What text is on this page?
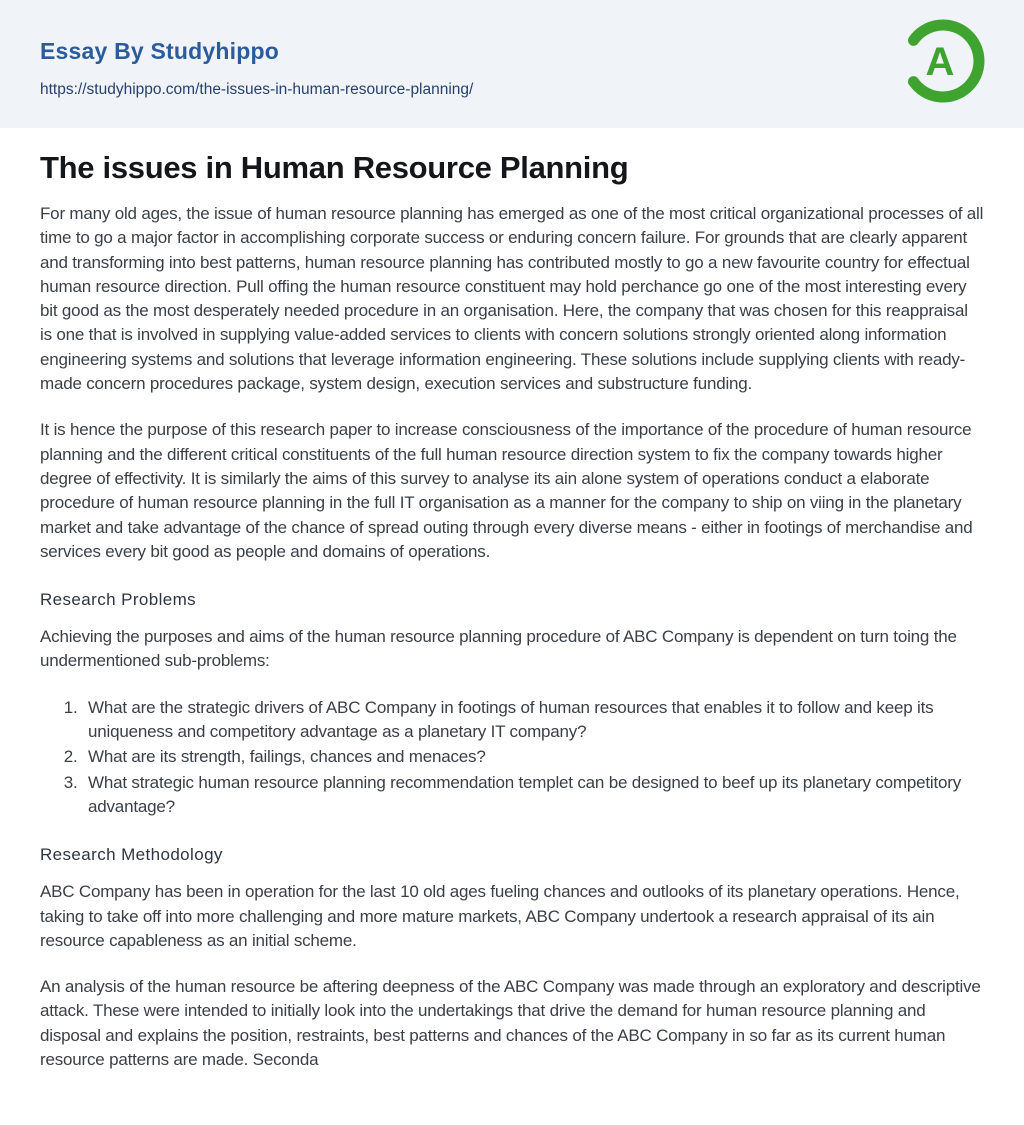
Essay By Studyhippo
https://studyhippo.com/the-issues-in-human-resource-planning/
A
The issues in Human Resource Planning

For many old ages, the issue of human resource planning has emerged as one of the most critical organizational processes of all time to go a major factor in accomplishing corporate success or enduring concern failure. For grounds that are clearly apparent and transforming into best patterns, human resource planning has contributed mostly to go a new favourite country for effectual human resource direction. Pull offing the human resource constituent may hold perchance go one of the most interesting every bit good as the most desperately needed procedure in an organisation. Here, the company that was chosen for this reappraisal is one that is involved in supplying value-added services to clients with concern solutions strongly oriented along information engineering systems and solutions that leverage information engineering. These solutions include supplying clients with ready-made concern procedures package, system design, execution services and substructure funding.

It is hence the purpose of this research paper to increase consciousness of the importance of the procedure of human resource planning and the different critical constituents of the full human resource direction system to fix the company towards higher degree of effectivity. It is similarly the aims of this survey to analyse its ain alone system of operations conduct a elaborate procedure of human resource planning in the full IT organisation as a manner for the company to ship on viing in the planetary market and take advantage of the chance of spread outing through every diverse means - either in footings of merchandise and services every bit good as people and domains of operations.

Research Problems

Achieving the purposes and aims of the human resource planning procedure of ABC Company is dependent on turn toing the undermentioned sub-problems:

1. What are the strategic drivers of ABC Company in footings of human resources that enables it to follow and keep its uniqueness and competitory advantage as a planetary IT company?
2. What are its strength, failings, chances and menaces?
3. What strategic human resource planning recommendation templet can be designed to beef up its planetary competitory advantage?
Research Methodology

ABC Company has been in operation for the last 10 old ages fueling chances and outlooks of its planetary operations. Hence, taking to take off into more challenging and more mature markets, ABC Company undertook a research appraisal of its ain resource capableness as an initial scheme.

An analysis of the human resource be aftering deepness of the ABC Company was made through an exploratory and descriptive attack. These were intended to initially look into the undertakings that drive the demand for human resource planning and disposal and explains the position, restraints, best patterns and chances of the ABC Company in so far as its current human resource patterns are made. Seconda
